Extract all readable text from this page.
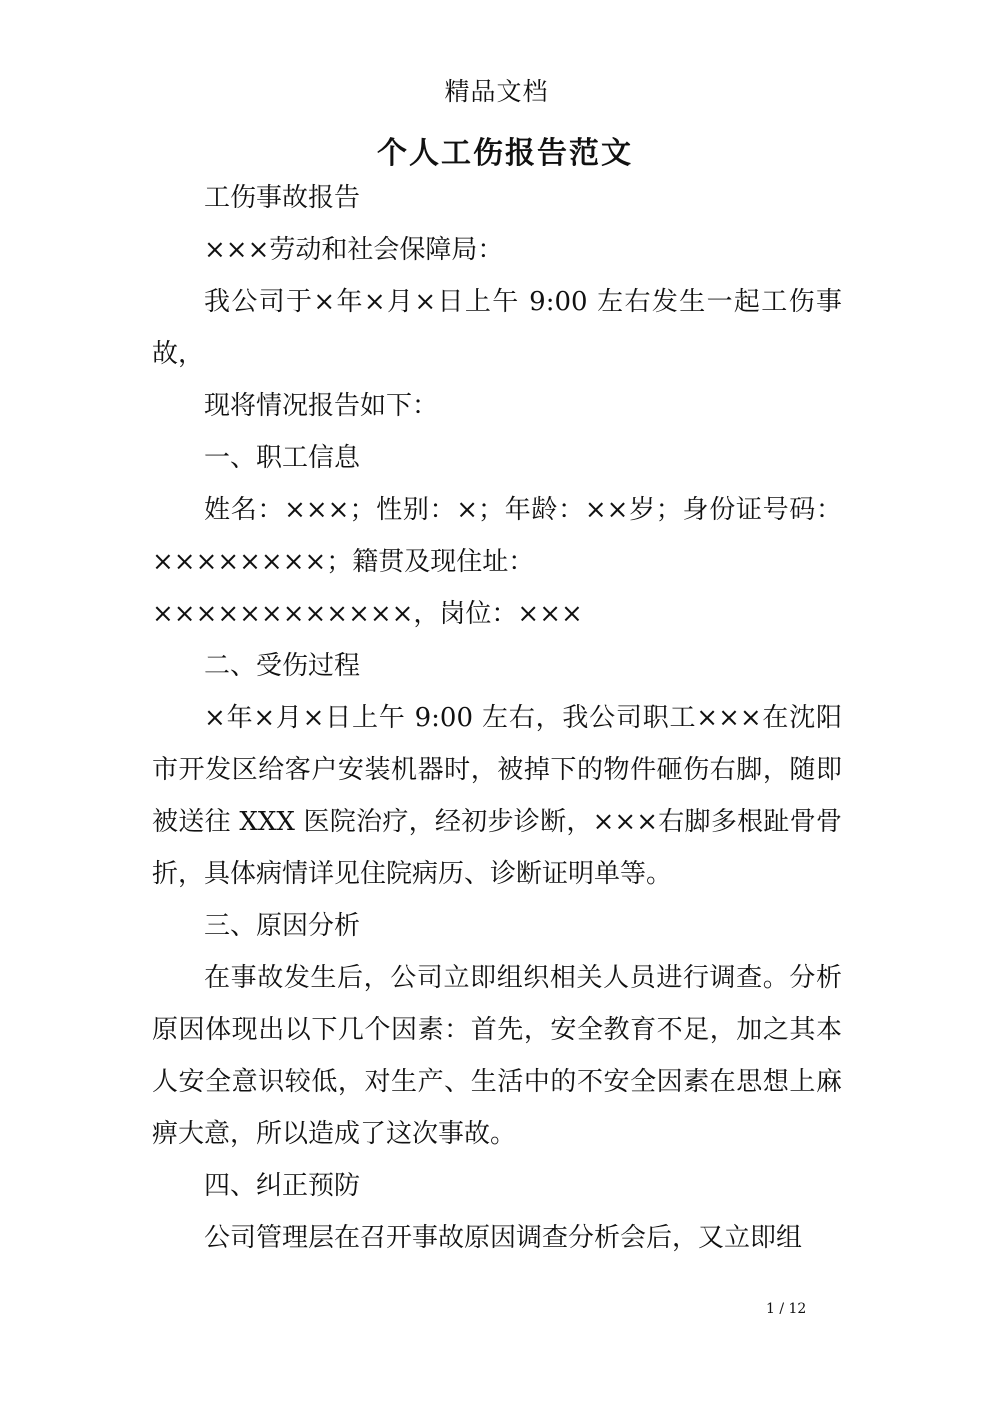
精品文档
个人工伤报告范文

工伤事故报告

×××劳动和社会保障局：

我公司于×年×月×日上午 9:00 左右发生一起工伤事故，

现将情况报告如下：

一、职工信息

姓名：×××；性别：×；年龄：××岁；身份证号码：××××××××；籍贯及现住址：

××××××××××××，岗位：×××

二、受伤过程

×年×月×日上午 9:00 左右，我公司职工×××在沈阳市开发区给客户安装机器时，被掉下的物件砸伤右脚，随即被送往 XXX 医院治疗，经初步诊断，×××右脚多根趾骨骨折，具体病情详见住院病历、诊断证明单等。

三、原因分析

在事故发生后，公司立即组织相关人员进行调查。分析原因体现出以下几个因素：首先，安全教育不足，加之其本人安全意识较低，对生产、生活中的不安全因素在思想上麻痹大意，所以造成了这次事故。

四、纠正预防

公司管理层在召开事故原因调查分析会后，又立即组

1 / 12
